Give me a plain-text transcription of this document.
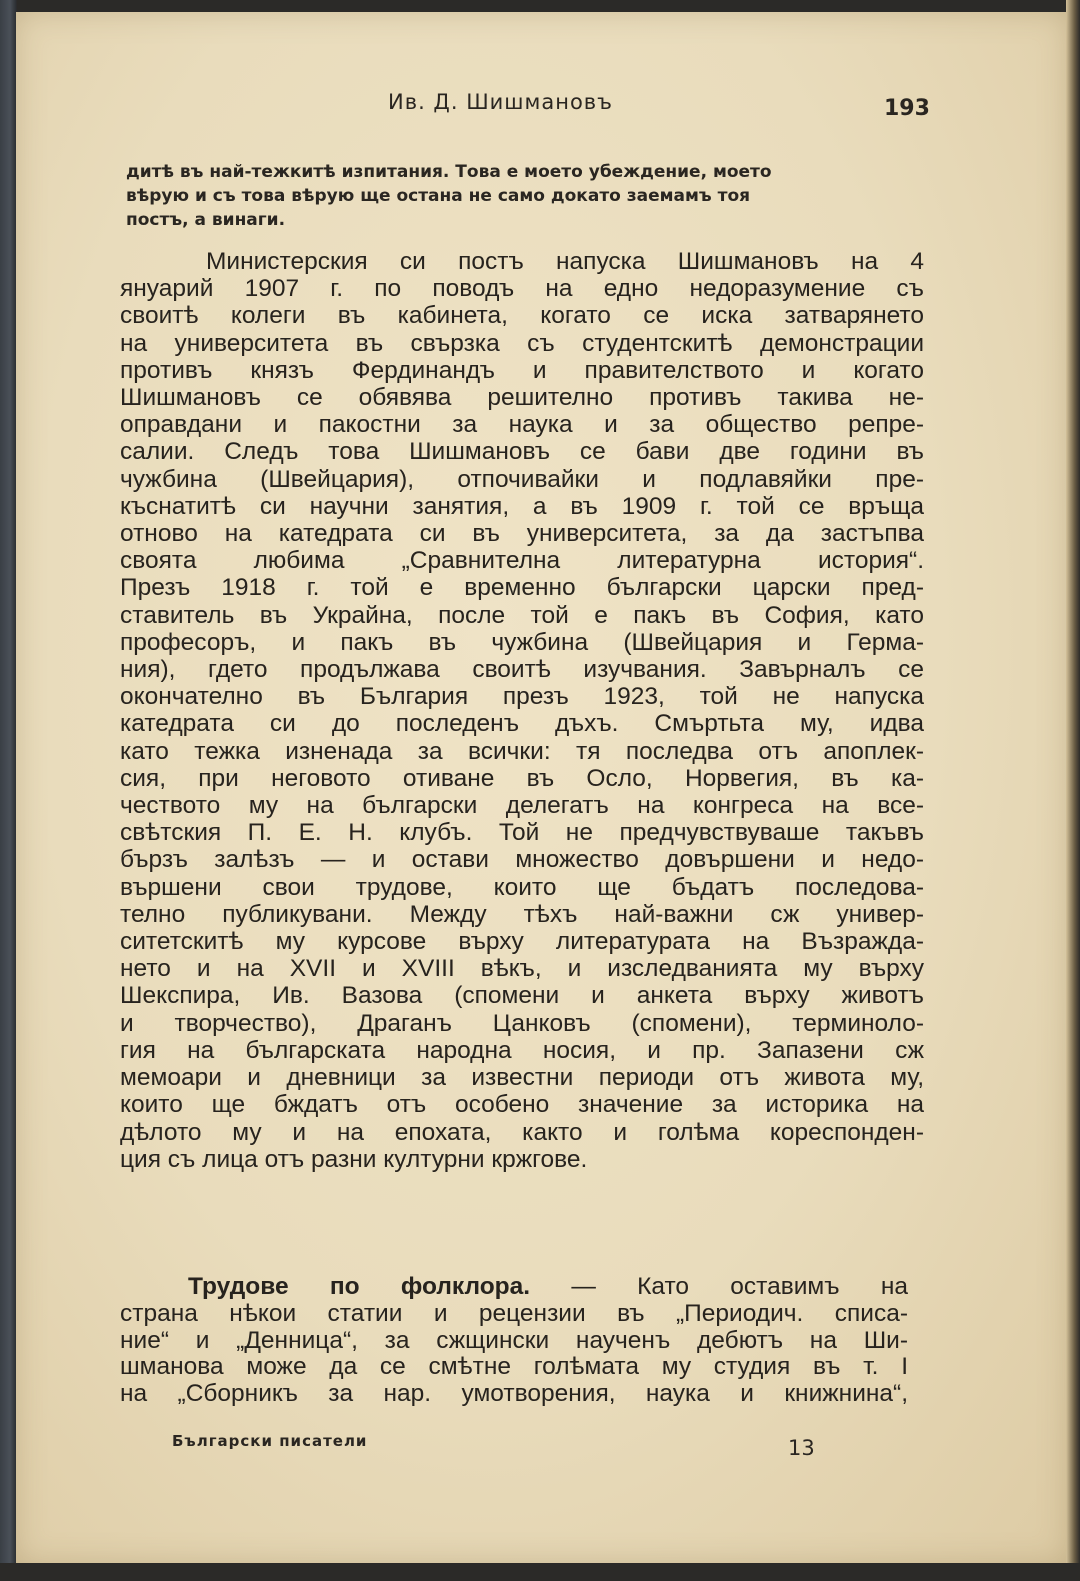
Ив. Д. Шишмановъ	193
дитѣ въ най-тежкитѣ изпитания. Това е моето убеждение, моето
вѣрую и съ това вѣрую ще остана не само докато заемамъ тоя
постъ, а винаги.
Министерския си постъ напуска Шишмановъ на 4
януарий 1907 г. по поводъ на едно недоразумение съ
своитѣ колеги въ кабинета, когато се иска затварянето
на университета въ свързка съ студентскитѣ демонстрации
противъ князъ Фердинандъ и правителството и когато
Шишмановъ се обявява решително противъ такива не-
оправдани и пакостни за наука и за общество репре-
салии. Следъ това Шишмановъ се бави две години въ
чужбина (Швейцария), отпочивайки и подлавяйки пре-
къснатитѣ си научни занятия, а въ 1909 г. той се връща
отново на катедрата си въ университета, за да застъпва
своята любима „Сравнителна литературна история“.
Презъ 1918 г. той е временно български царски пред-
ставитель въ Украйна, после той е пакъ въ София, като
професоръ, и пакъ въ чужбина (Швейцария и Герма-
ния), гдето продължава своитѣ изучвания. Завърналъ се
окончателно въ България презъ 1923, той не напуска
катедрата си до последенъ дъхъ. Смъртьта му, идва
като тежка изненада за всички: тя последва отъ апоплек-
сия, при неговото отиване въ Осло, Норвегия, въ ка-
чеството му на български делегатъ на конгреса на все-
свѣтския П. Е. Н. клубъ. Той не предчувствуваше такъвъ
бързъ залѣзъ — и остави множество довършени и недо-
вършени свои трудове, които ще бъдатъ последова-
телно публикувани. Между тѣхъ най-важни сж универ-
ситетскитѣ му курсове върху литературата на Възражда-
нето и на XVII и XVIII вѣкъ, и изследванията му върху
Шекспира, Ив. Вазова (спомени и анкета върху животъ
и творчество), Драганъ Цанковъ (спомени), терминоло-
гия на българската народна носия, и пр. Запазени сж
мемоари и дневници за известни периоди отъ живота му,
които ще бждатъ отъ особено значение за историка на
дѣлото му и на епохата, както и голѣма кореспонден-
ция съ лица отъ разни културни кржгове.
Трудове по фолклора. — Като оставимъ на
страна нѣкои статии и рецензии въ „Периодич. списа-
ние“ и „Денница“, за сжщински наученъ дебютъ на Ши-
шманова може да се смѣтне голѣмата му студия въ т. I
на „Сборникъ за нар. умотворения, наука и книжнина“,
Български писатели	13
